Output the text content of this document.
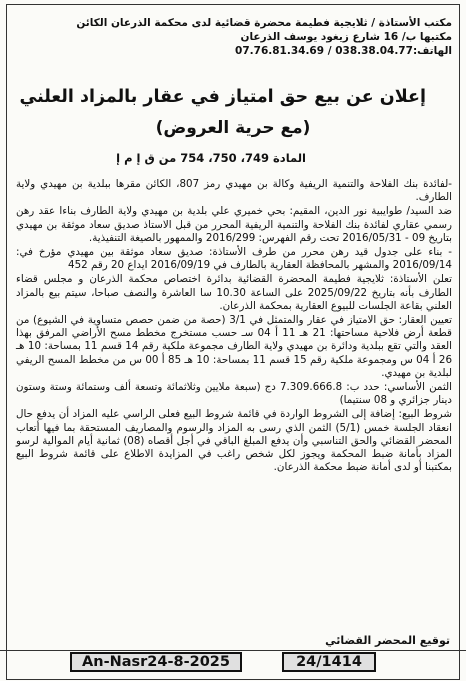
مكتب الأستاذة / ثلايجية فطيمة محضرة قضائية لدى محكمة الذرعان الكائن
مكتبها ب/ 16 شارع زيغود يوسف الذرعان
الهاتف:038.38.04.77 / 07.76.81.34.69
إعلان عن بيع حق امتياز في عقار بالمزاد العلني
(مع حرية العروض)
المادة 749، 750، 754 من ق إ م إ

-لفائدة بنك الفلاحة والتنمية الريفية وكالة بن مهيدي رمز 807، الكائن مقرها ببلدية بن مهيدي ولاية الطارف.

ضد السيد/ طوايبية نور الدين، المقيم: بحي خميري علي بلدية بن مهيدي ولاية الطارف بناءا عقد رهن رسمي عقاري لفائدة بنك الفلاحة والتنمية الريفية المحرر من قبل الاستاذ صديق سعاد موثقة بن مهيدي بتاريخ 09 - 2016/05/31 تحت رقم الفهرس: 2016/299 والممهور بالصيغة التنفيذية.

- بناء على جدول قيد رهن محرر من طرف الأستاذة: صديق سعاد موثقة بين مهيدي مؤرخ في: 2016/09/14 والمشهر بالمحافظة العقارية بالطارف في 2016/09/19 ايداع 20 رقم 452

تعلن الأستاذة: ثلايجية فطيمة المحضرة القضائية بدائرة اختصاص محكمة الذرعان و مجلس قضاء الطارف بأنه بتاريخ 2025/09/22 على الساعة 10.30 سا العاشرة والنصف صباحا، سيتم بيع بالمزاد العلني بقاعة الجلسات للبيوع العقارية بمحكمة الذرعان.

تعيين العقار: حق الامتياز في عقار والمتمثل في 3/1 (حصة من ضمن حصص متساوية في الشيوع) من قطعة أرض فلاحية مساحتها: 21 هـ 11 أ 04 سـ حسب مستخرج مخطط مسح الأراضي المرفق بهذا العقد والتي تقع ببلدية ودائرة بن مهيدي ولاية الطارف مجموعة ملكية رقم 14 قسم 11 بمساحة: 10 هـ 26 أ 04 س ومجموعة ملكية رقم 15 قسم 11 بمساحة: 10 هـ 85 أ 00 س من مخطط المسح الريفي لبلدية بن مهيدي.

الثمن الأساسي: حدد ب: 7.309.666.8 دج (سبعة ملايين وثلاثمائة وتسعة ألف وستمائة وستة وستون دينار جزائري و 08 سنتيما)

شروط البيع: إضافة إلى الشروط الواردة في قائمة شروط البيع فعلى الراسي عليه المزاد أن يدفع حال انعقاد الجلسة خمس (5/1) الثمن الذي رسى به المزاد والرسوم والمصاريف المستحقة بما فيها أتعاب المحضر القضائي والحق التناسبي وأن يدفع المبلغ الباقي في أجل أقصاه (08) ثمانية أيام الموالية لرسو المزاد بأمانة ضبط المحكمة ويجوز لكل شخص راغب في المزايدة الاطلاع على قائمة شروط البيع بمكتبنا أو لدى أمانة ضبط محكمة الذرعان.

توقيع المحضر القضائي
An-Nasr24-8-2025	24/1414
